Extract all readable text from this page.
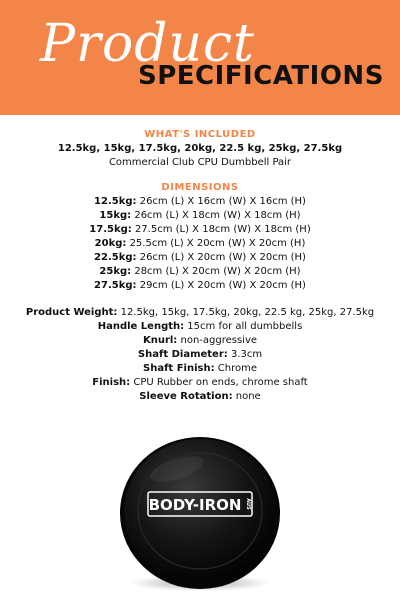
Product
SPECIFICATIONS
WHAT'S INCLUDED
12.5kg, 15kg, 17.5kg, 20kg, 22.5 kg, 25kg, 27.5kg
Commercial Club CPU Dumbbell Pair
DIMENSIONS
12.5kg: 26cm (L) X 16cm (W) X 16cm (H)
15kg: 26cm (L) X 18cm (W) X 18cm (H)
17.5kg: 27.5cm (L) X 18cm (W) X 18cm (H)
20kg: 25.5cm (L) X 20cm (W) X 20cm (H)
22.5kg: 26cm (L) X 20cm (W) X 20cm (H)
25kg: 28cm (L) X 20cm (W) X 20cm (H)
27.5kg: 29cm (L) X 20cm (W) X 20cm (H)
Product Weight: 12.5kg, 15kg, 17.5kg, 20kg, 22.5 kg, 25kg, 27.5kg
Handle Length: 15cm for all dumbbells
Knurl: non-aggressive
Shaft Diameter: 3.3cm
Shaft Finish: Chrome
Finish: CPU Rubber on ends, chrome shaft
Sleeve Rotation: none
BODY-IRON AUS
